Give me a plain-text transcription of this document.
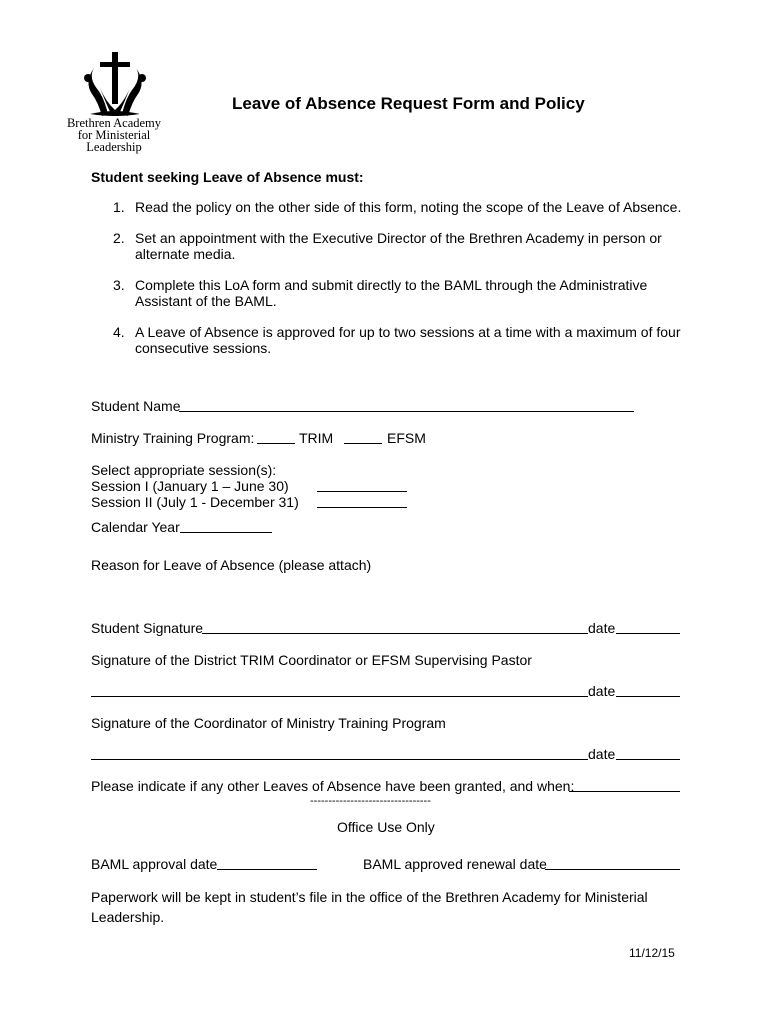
Brethren Academy
for Ministerial
Leadership
Leave of Absence Request Form and Policy
Student seeking Leave of Absence must:
1. Read the policy on the other side of this form, noting the scope of the Leave of Absence.
2. Set an appointment with the Executive Director of the Brethren Academy in person or alternate media.
3. Complete this LoA form and submit directly to the BAML through the Administrative Assistant of the BAML.
4. A Leave of Absence is approved for up to two sessions at a time with a maximum of four consecutive sessions.
Student Name
Ministry Training Program:	TRIM	EFSM
Select appropriate session(s):
Session I (January 1 – June 30)
Session II (July 1 - December 31)
Calendar Year
Reason for Leave of Absence (please attach)
Student Signature	date
Signature of the District TRIM Coordinator or EFSM Supervising Pastor
date
Signature of the Coordinator of Ministry Training Program
date
Please indicate if any other Leaves of Absence have been granted, and when:
---------------------------------
Office Use Only
BAML approval date	BAML approved renewal date
Paperwork will be kept in student’s file in the office of the Brethren Academy for Ministerial Leadership.
11/12/15
